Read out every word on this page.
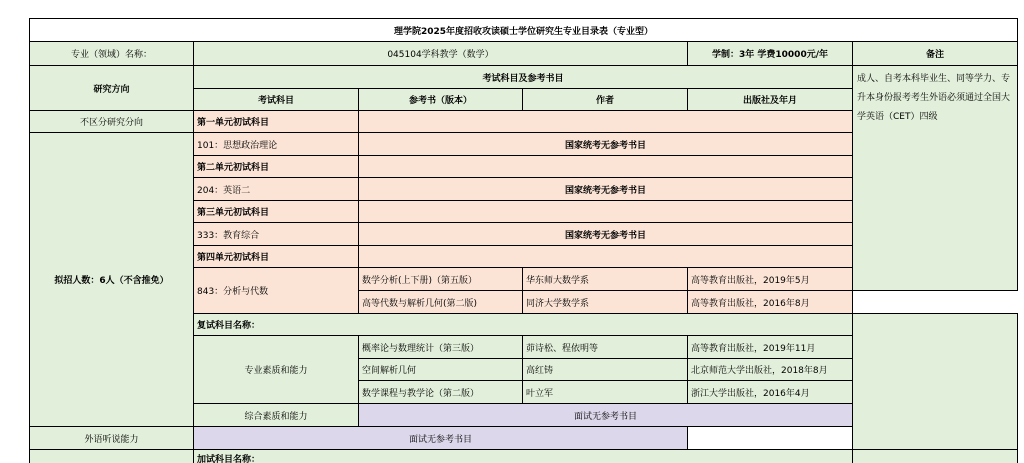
理学院2025年度招收攻读硕士学位研究生专业目录表（专业型）					
专业（领域）名称：	045104学科教学（数学）			学制：3年 学费10000元/年	备注
研究方向	考试科目及参考书目				成人、自考本科毕业生、同等学力、专升本身份报考考生外语必须通过全国大学英语（CET）四级
	考试科目	参考书（版本）	作者	出版社及年月	
不区分研究分向	第一单元初试科目				
拟招人数：6人（不含推免）	101：思想政治理论	国家统考无参考书目			
	第二单元初试科目				
	204：英语二	国家统考无参考书目			
	第三单元初试科目				
	333：教育综合	国家统考无参考书目			
	第四单元初试科目				
	843：分析与代数	数学分析(上下册)（第五版）	华东师大数学系	高等教育出版社，2019年5月	
		高等代数与解析几何(第二版)	同济大学数学系	高等教育出版社，2016年8月	
	复试科目名称：				
	专业素质和能力	概率论与数理统计（第三版）	茆诗松、程依明等	高等教育出版社，2019年11月	
		空间解析几何	高红铸	北京师范大学出版社，2018年8月	
		数学课程与教学论（第二版）	叶立军	浙江大学出版社，2016年4月	
	综合素质和能力	面试无参考书目			
外语听说能力	面试无参考书目				
	加试科目名称：				
